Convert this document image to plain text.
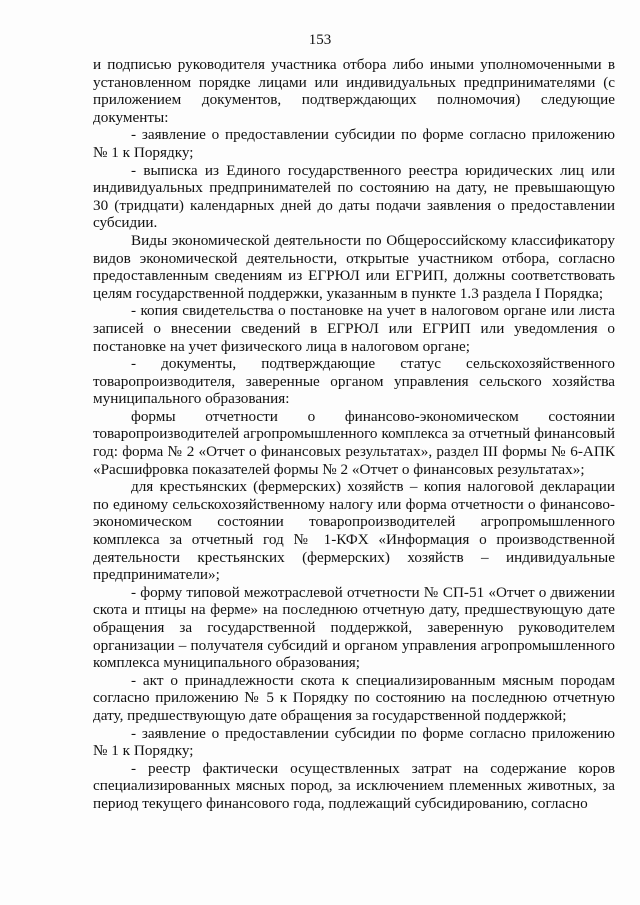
153

и подписью руководителя участника отбора либо иными уполномоченными в установленном порядке лицами или индивидуальных предпринимателями (с приложением документов, подтверждающих полномочия) следующие документы:

- заявление о предоставлении субсидии по форме согласно приложению № 1 к Порядку;

- выписка из Единого государственного реестра юридических лиц или индивидуальных предпринимателей по состоянию на дату, не превышающую 30 (тридцати) календарных дней до даты подачи заявления о предоставлении субсидии.

Виды экономической деятельности по Общероссийскому классификатору видов экономической деятельности, открытые участником отбора, согласно предоставленным сведениям из ЕГРЮЛ или ЕГРИП, должны соответствовать целям государственной поддержки, указанным в пункте 1.3 раздела I Порядка;

- копия свидетельства о постановке на учет в налоговом органе или листа записей о внесении сведений в ЕГРЮЛ или ЕГРИП или уведомления о постановке на учет физического лица в налоговом органе;

- документы, подтверждающие статус сельскохозяйственного товаропроизводителя, заверенные органом управления сельского хозяйства муниципального образования:

формы отчетности о финансово-экономическом состоянии товаропроизводителей агропромышленного комплекса за отчетный финансовый год: форма № 2 «Отчет о финансовых результатах», раздел III формы № 6-АПК «Расшифровка показателей формы № 2 «Отчет о финансовых результатах»;

для крестьянских (фермерских) хозяйств – копия налоговой декларации по единому сельскохозяйственному налогу или форма отчетности о финансово-экономическом состоянии товаропроизводителей агропромышленного комплекса за отчетный год № 1-КФХ «Информация о производственной деятельности крестьянских (фермерских) хозяйств – индивидуальные предприниматели»;

- форму типовой межотраслевой отчетности № СП-51 «Отчет о движении скота и птицы на ферме» на последнюю отчетную дату, предшествующую дате обращения за государственной поддержкой, заверенную руководителем организации – получателя субсидий и органом управления агропромышленного комплекса муниципального образования;

- акт о принадлежности скота к специализированным мясным породам согласно приложению № 5 к Порядку по состоянию на последнюю отчетную дату, предшествующую дате обращения за государственной поддержкой;

- заявление о предоставлении субсидии по форме согласно приложению № 1 к Порядку;

- реестр фактически осуществленных затрат на содержание коров специализированных мясных пород, за исключением племенных животных, за период текущего финансового года, подлежащий субсидированию, согласно
